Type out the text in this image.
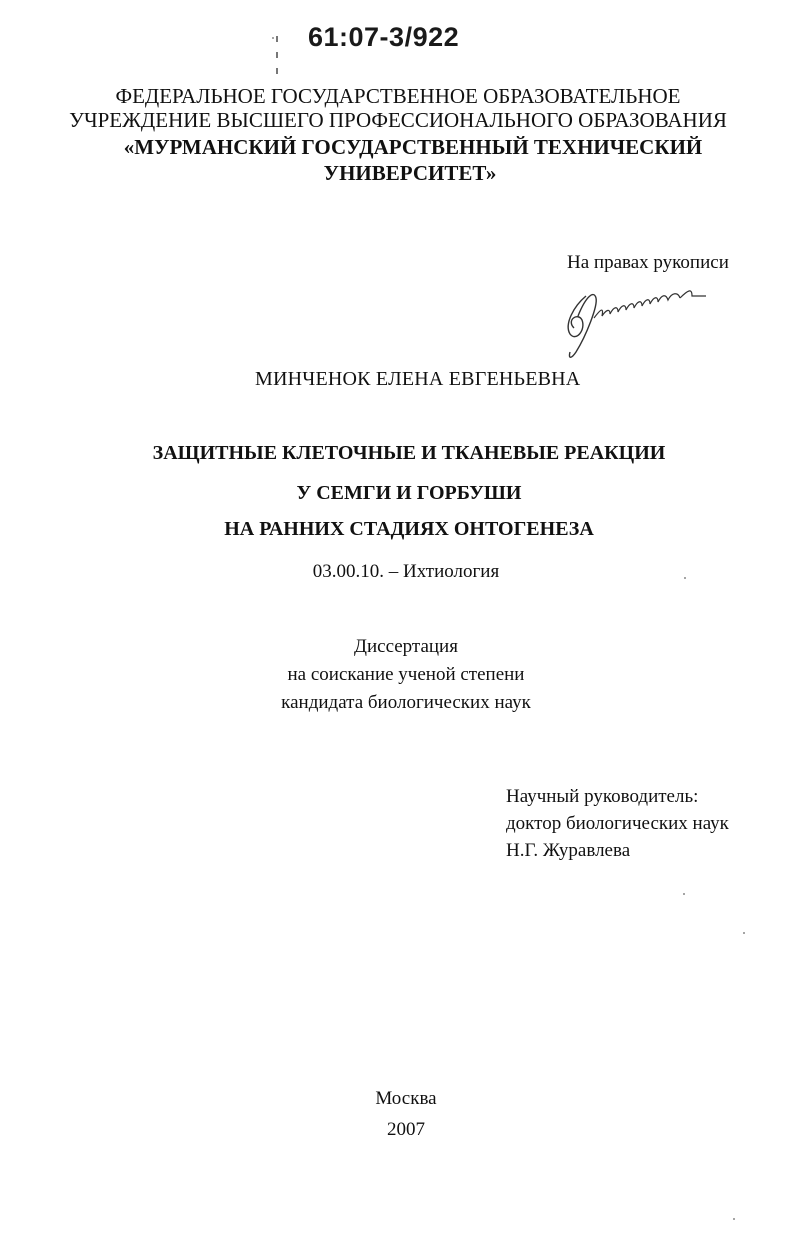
61:07-3/922
ФЕДЕРАЛЬНОЕ ГОСУДАРСТВЕННОЕ ОБРАЗОВАТЕЛЬНОЕ
УЧРЕЖДЕНИЕ ВЫСШЕГО ПРОФЕССИОНАЛЬНОГО ОБРАЗОВАНИЯ
«МУРМАНСКИЙ ГОСУДАРСТВЕННЫЙ ТЕХНИЧЕСКИЙ
УНИВЕРСИТЕТ»
На правах рукописи
МИНЧЕНОК ЕЛЕНА ЕВГЕНЬЕВНА
ЗАЩИТНЫЕ КЛЕТОЧНЫЕ И ТКАНЕВЫЕ РЕАКЦИИ
У СЕМГИ И ГОРБУШИ
НА РАННИХ СТАДИЯХ ОНТОГЕНЕЗА
03.00.10. – Ихтиология
Диссертация
на соискание ученой степени
кандидата биологических наук
Научный руководитель:
доктор биологических наук
Н.Г. Журавлева
Москва
2007
